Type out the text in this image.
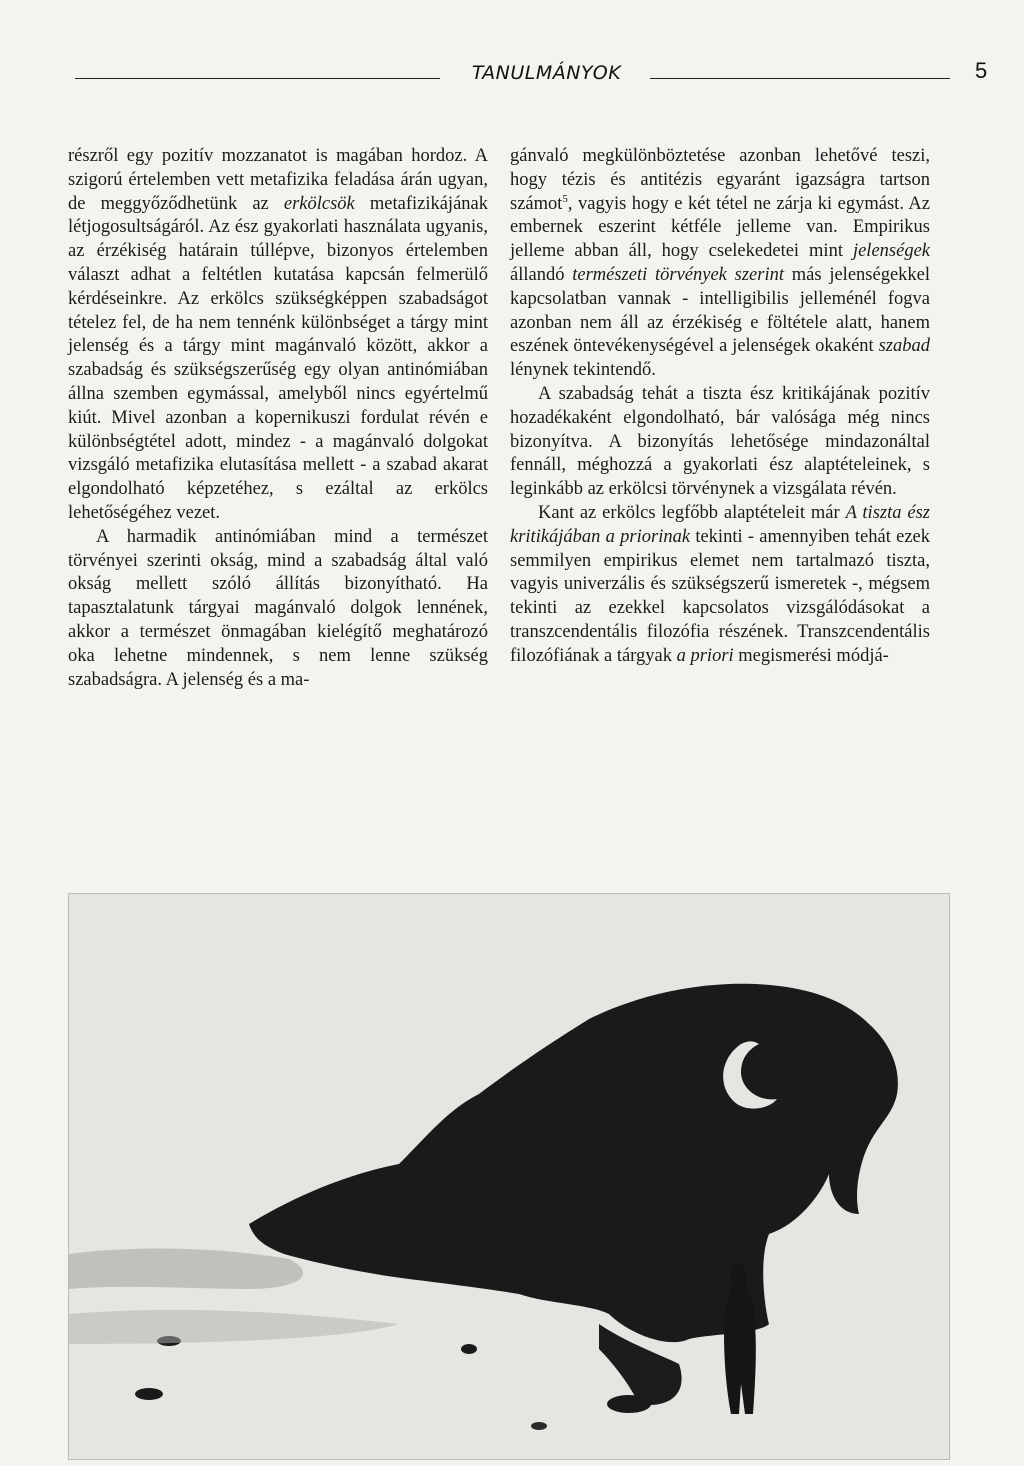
TANULMÁNYOK	5

részről egy pozitív mozzanatot is magában hordoz. A szigorú értelemben vett metafizika feladása árán ugyan, de meggyőződhetünk az erkölcsök metafizikájának létjogosultságáról. Az ész gyakorlati használata ugyanis, az érzékiség határain túllépve, bizonyos értelemben választ adhat a feltétlen kutatása kapcsán felmerülő kérdéseinkre. Az erkölcs szükségképpen szabadságot tételez fel, de ha nem tennénk különbséget a tárgy mint jelenség és a tárgy mint magánvaló között, akkor a szabadság és szükségszerűség egy olyan antinómiában állna szemben egymással, amelyből nincs egyértelmű kiút. Mivel azonban a kopernikuszi fordulat révén e különbségtétel adott, mindez - a magánvaló dolgokat vizsgáló metafizika elutasítása mellett - a szabad akarat elgondolható képzetéhez, s ezáltal az erkölcs lehetőségéhez vezet.

A harmadik antinómiában mind a természet törvényei szerinti okság, mind a szabadság által való okság mellett szóló állítás bizonyítható. Ha tapasztalatunk tárgyai magánvaló dolgok lennének, akkor a természet önmagában kielégítő meghatározó oka lehetne mindennek, s nem lenne szükség szabadságra. A jelenség és a ma-

gánvaló megkülönböztetése azonban lehetővé teszi, hogy tézis és antitézis egyaránt igazságra tartson számot$^5$, vagyis hogy e két tétel ne zárja ki egymást. Az embernek eszerint kétféle jelleme van. Empirikus jelleme abban áll, hogy cselekedetei mint jelenségek állandó természeti törvények szerint más jelenségekkel kapcsolatban vannak - intelligibilis jelleménél fogva azonban nem áll az érzékiség e föltétele alatt, hanem eszének öntevékenységével a jelenségek okaként szabad lénynek tekintendő.

A szabadság tehát a tiszta ész kritikájának pozitív hozadékaként elgondolható, bár valósága még nincs bizonyítva. A bizonyítás lehetősége mindazonáltal fennáll, méghozzá a gyakorlati ész alaptételeinek, s leginkább az erkölcsi törvénynek a vizsgálata révén.

Kant az erkölcs legfőbb alaptételeit már A tiszta ész kritikájában a priorinak tekinti - amennyiben tehát ezek semmilyen empirikus elemet nem tartalmazó tiszta, vagyis univerzális és szükségszerű ismeretek -, mégsem tekinti az ezekkel kapcsolatos vizsgálódásokat a transzcendentális filozófia részének. Transzcendentális filozófiának a tárgyak a priori megismerési módjá-
